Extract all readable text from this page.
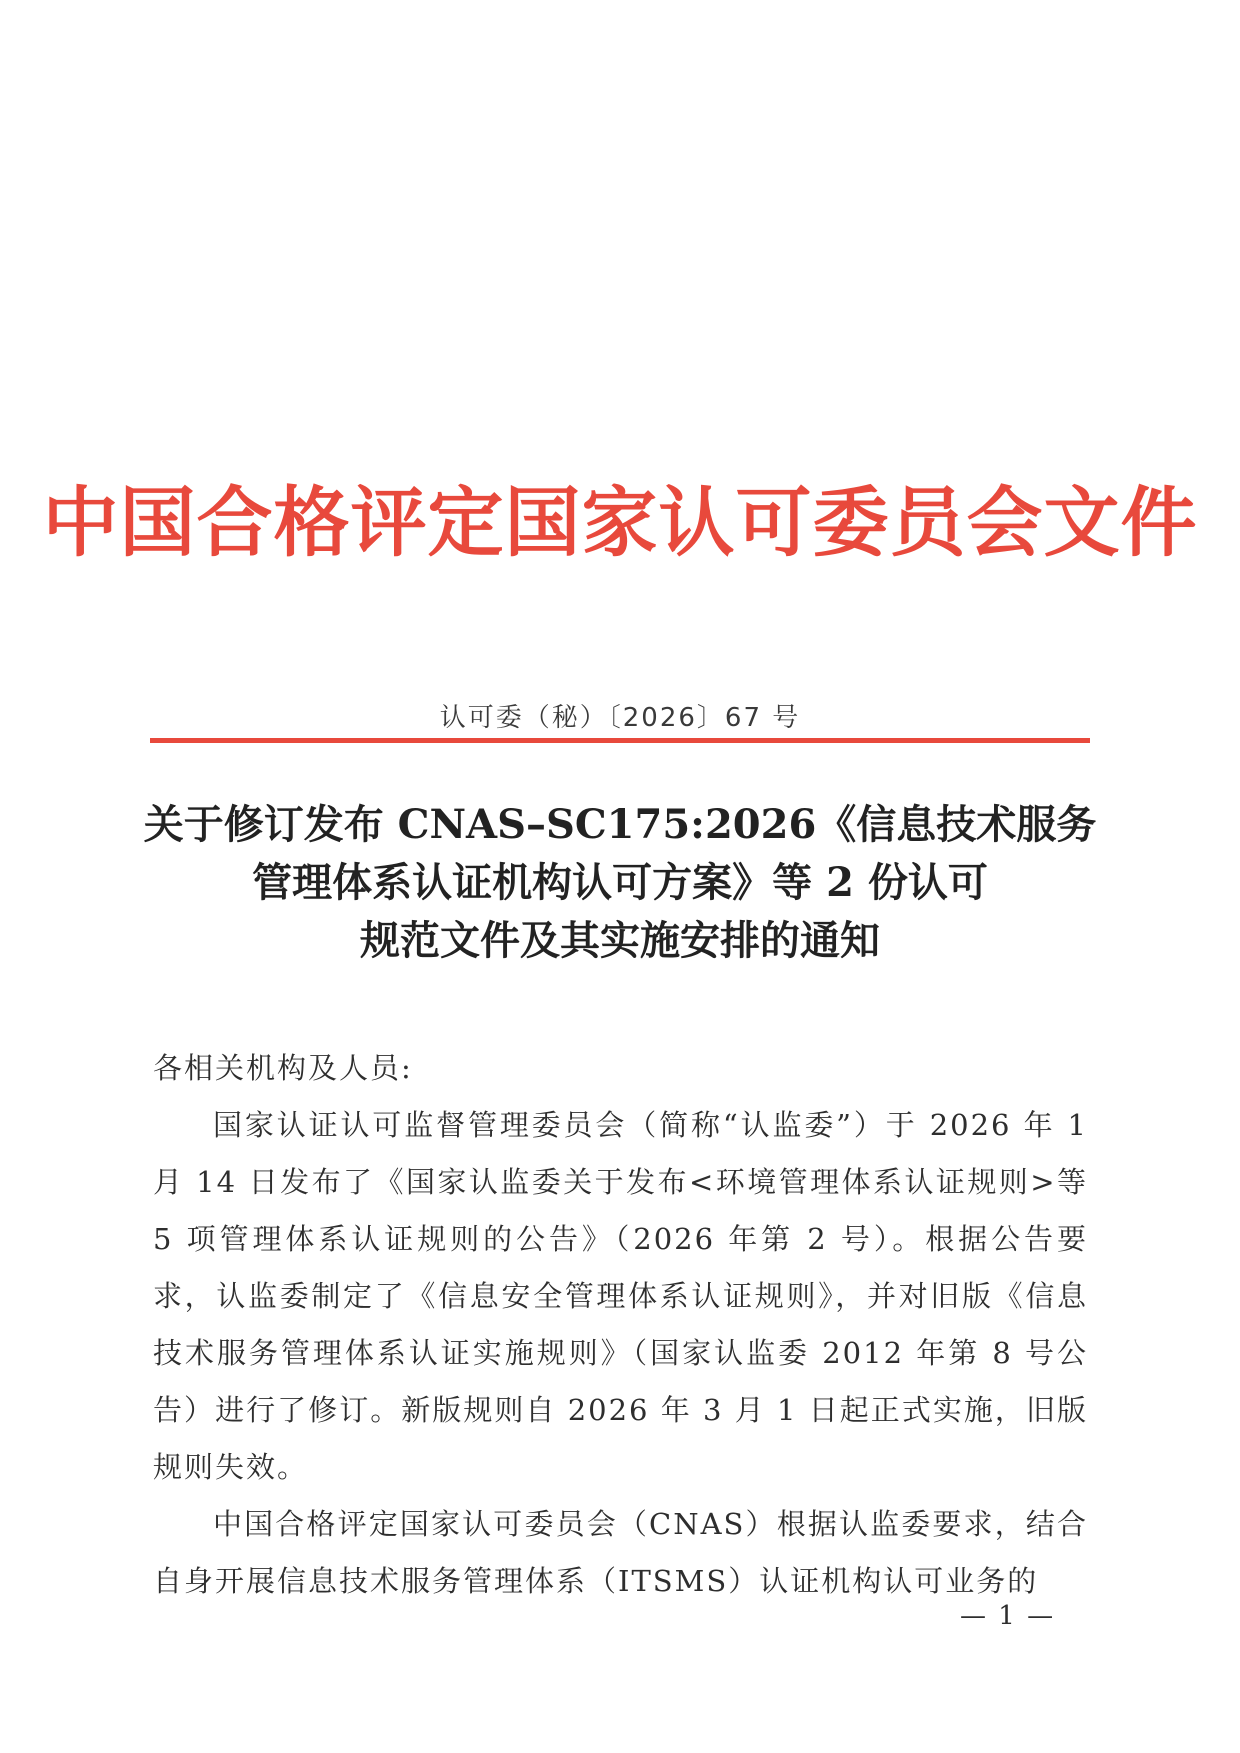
中国合格评定国家认可委员会文件
认可委（秘）〔2026〕67 号
关于修订发布 CNAS–SC175:2026《信息技术服务
管理体系认证机构认可方案》等 2 份认可
规范文件及其实施安排的通知
各相关机构及人员:

国家认证认可监督管理委员会（简称“认监委”）于 2026 年 1 月 14 日发布了《国家认监委关于发布<环境管理体系认证规则>等 5 项管理体系认证规则的公告》（2026 年第 2 号）。根据公告要求，认监委制定了《信息安全管理体系认证规则》，并对旧版《信息技术服务管理体系认证实施规则》（国家认监委 2012 年第 8 号公告）进行了修订。新版规则自 2026 年 3 月 1 日起正式实施，旧版规则失效。

中国合格评定国家认可委员会（CNAS）根据认监委要求，结合自身开展信息技术服务管理体系（ITSMS）认证机构认可业务的

— 1 —
